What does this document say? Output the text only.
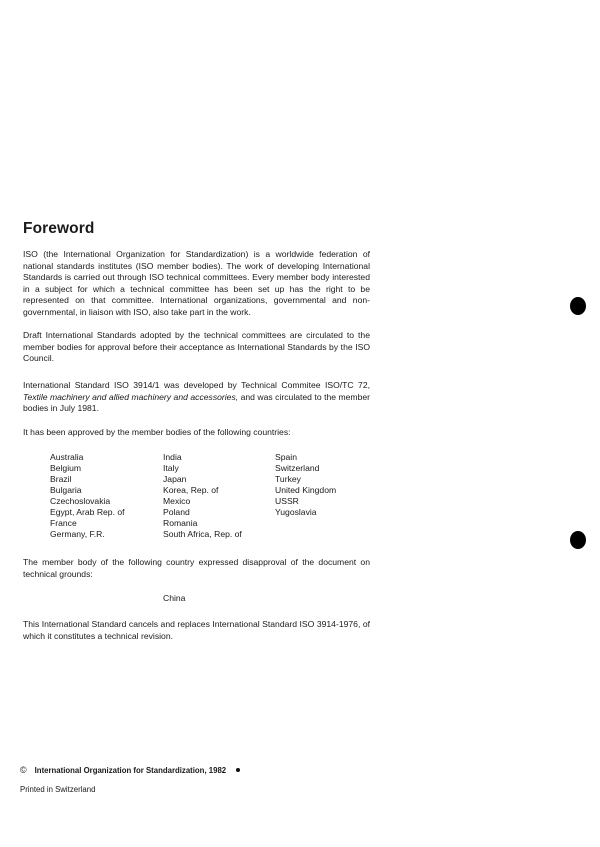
Foreword

ISO (the International Organization for Standardization) is a worldwide federation of national standards institutes (ISO member bodies). The work of developing International Standards is carried out through ISO technical committees. Every member body interested in a subject for which a technical committee has been set up has the right to be represented on that committee. International organizations, governmental and non-governmental, in liaison with ISO, also take part in the work.

Draft International Standards adopted by the technical committees are circulated to the member bodies for approval before their acceptance as International Standards by the ISO Council.

International Standard ISO 3914/1 was developed by Technical Commitee ISO/TC 72, Textile machinery and allied machinery and accessories, and was circulated to the member bodies in July 1981.

It has been approved by the member bodies of the following countries:

Australia
Belgium
Brazil
Bulgaria
Czechoslovakia
Egypt, Arab Rep. of
France
Germany, F.R.
India
Italy
Japan
Korea, Rep. of
Mexico
Poland
Romania
South Africa, Rep. of
Spain
Switzerland
Turkey
United Kingdom
USSR
Yugoslavia

The member body of the following country expressed disapproval of the document on technical grounds:

China

This International Standard cancels and replaces International Standard ISO 3914-1976, of which it constitutes a technical revision.

© International Organization for Standardization, 1982
Printed in Switzerland
